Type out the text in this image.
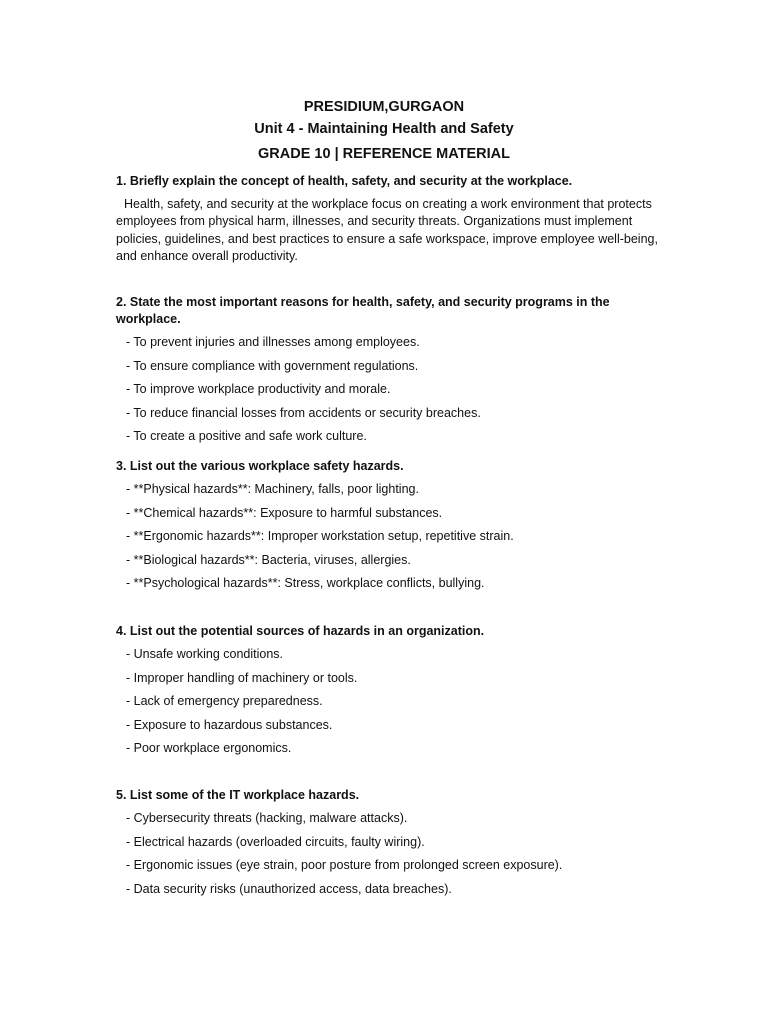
PRESIDIUM,GURGAON
Unit 4 - Maintaining Health and Safety
GRADE 10 | REFERENCE MATERIAL

1. Briefly explain the concept of health, safety, and security at the workplace.

Health, safety, and security at the workplace focus on creating a work environment that protects employees from physical harm, illnesses, and security threats. Organizations must implement policies, guidelines, and best practices to ensure a safe workspace, improve employee well-being, and enhance overall productivity.

2. State the most important reasons for health, safety, and security programs in the workplace.

- To prevent injuries and illnesses among employees.
- To ensure compliance with government regulations.
- To improve workplace productivity and morale.
- To reduce financial losses from accidents or security breaches.
- To create a positive and safe work culture.

3. List out the various workplace safety hazards.

- **Physical hazards**: Machinery, falls, poor lighting.
- **Chemical hazards**: Exposure to harmful substances.
- **Ergonomic hazards**: Improper workstation setup, repetitive strain.
- **Biological hazards**: Bacteria, viruses, allergies.
- **Psychological hazards**: Stress, workplace conflicts, bullying.

4. List out the potential sources of hazards in an organization.

- Unsafe working conditions.
- Improper handling of machinery or tools.
- Lack of emergency preparedness.
- Exposure to hazardous substances.
- Poor workplace ergonomics.

5. List some of the IT workplace hazards.

- Cybersecurity threats (hacking, malware attacks).
- Electrical hazards (overloaded circuits, faulty wiring).
- Ergonomic issues (eye strain, poor posture from prolonged screen exposure).
- Data security risks (unauthorized access, data breaches).
